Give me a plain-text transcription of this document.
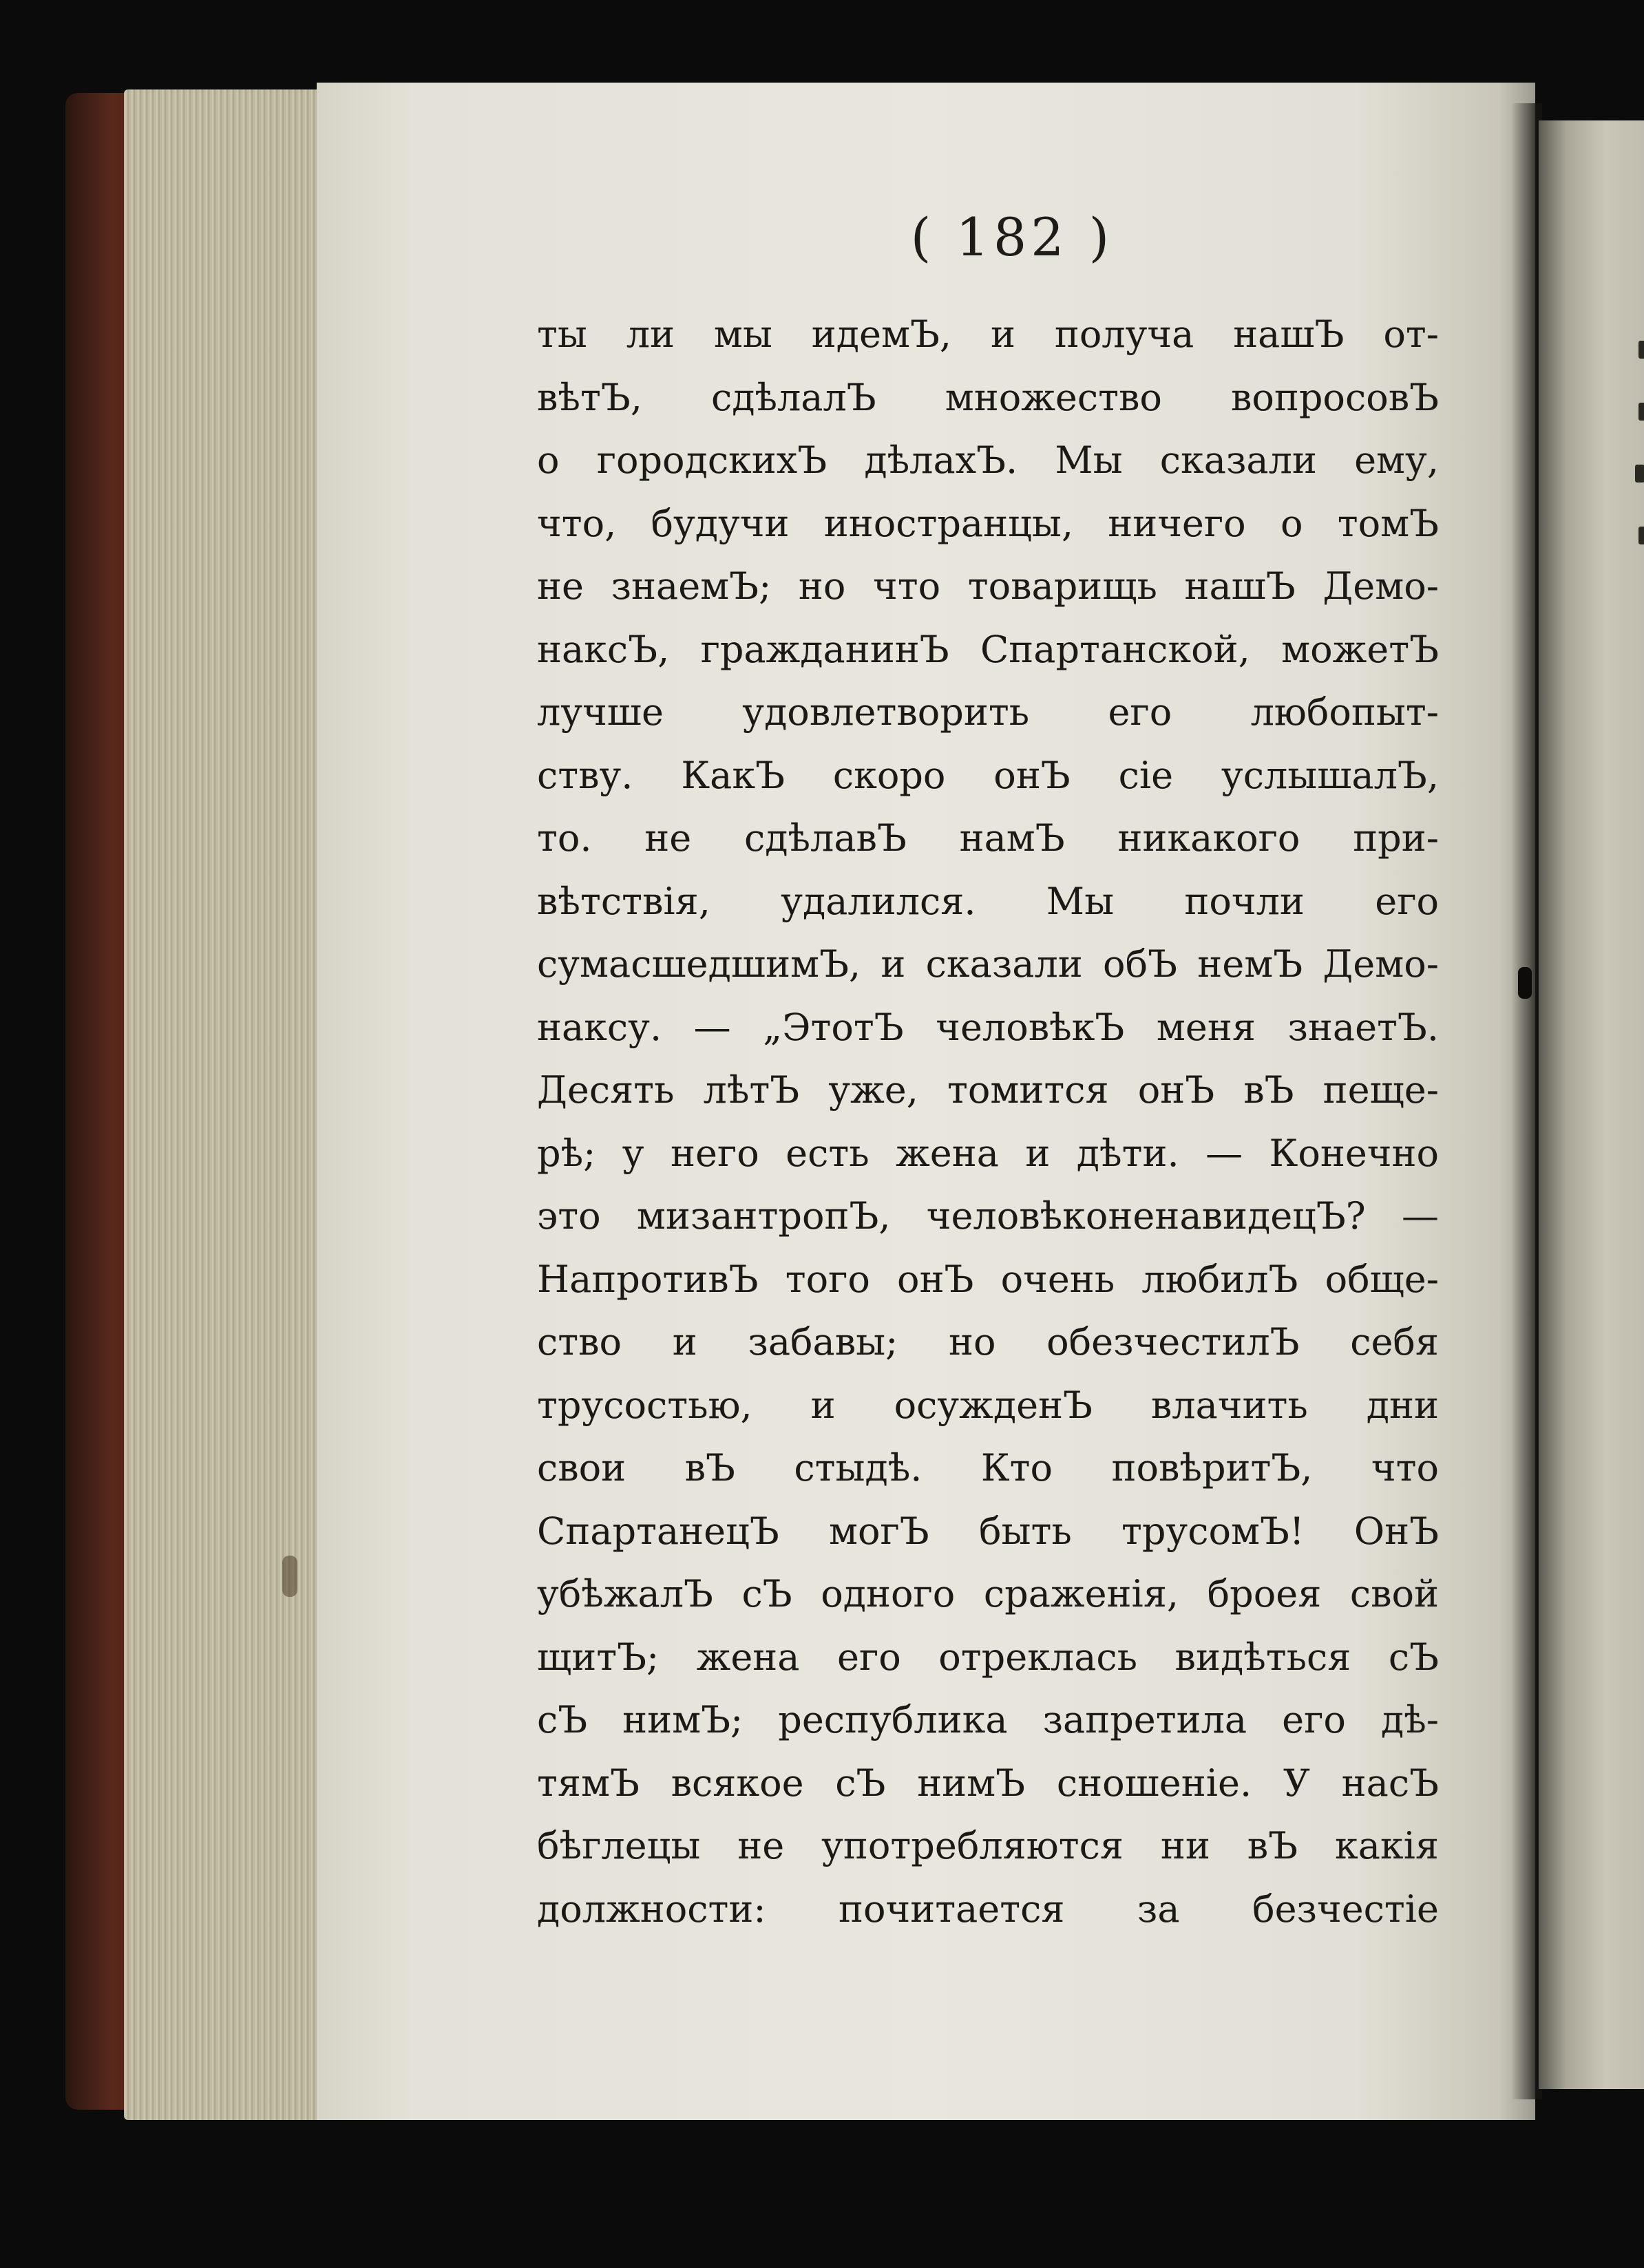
( 182 )
ты ли мы идемЪ, и получа нашЪ от-
вѣтЪ, сдѣлалЪ множество вопросовЪ
о городскихЪ дѣлахЪ. Мы сказали ему,
что, будучи иностранцы, ничего о томЪ
не знаемЪ; но что товарищь нашЪ Демо-
наксЪ, гражданинЪ Спартанской, можетЪ
лучше удовлетворить его любопыт-
ству. КакЪ скоро онЪ сіе услышалЪ,
то. не сдѣлавЪ намЪ никакого при-
вѣтствія, удалился. Мы почли его
сумасшедшимЪ, и сказали обЪ немЪ Демо-
наксу. — „ЭтотЪ человѣкЪ меня знаетЪ.
Десять лѣтЪ уже, томится онЪ вЪ пеще-
рѣ; у него есть жена и дѣти. — Конечно
это мизантропЪ, человѣконенавидецЪ? —
НапротивЪ того онЪ очень любилЪ обще-
ство и забавы; но обезчестилЪ себя
трусостью, и осужденЪ влачить дни
свои вЪ стыдѣ. Кто повѣритЪ, что
СпартанецЪ могЪ быть трусомЪ! ОнЪ
убѣжалЪ сЪ одного сраженія, броея свой
щитЪ; жена его отреклась видѣться сЪ
сЪ нимЪ; республика запретила его дѣ-
тямЪ всякое сЪ нимЪ сношеніе. У насЪ
бѣглецы не употребляются ни вЪ какія
должности: почитается за безчестіе
